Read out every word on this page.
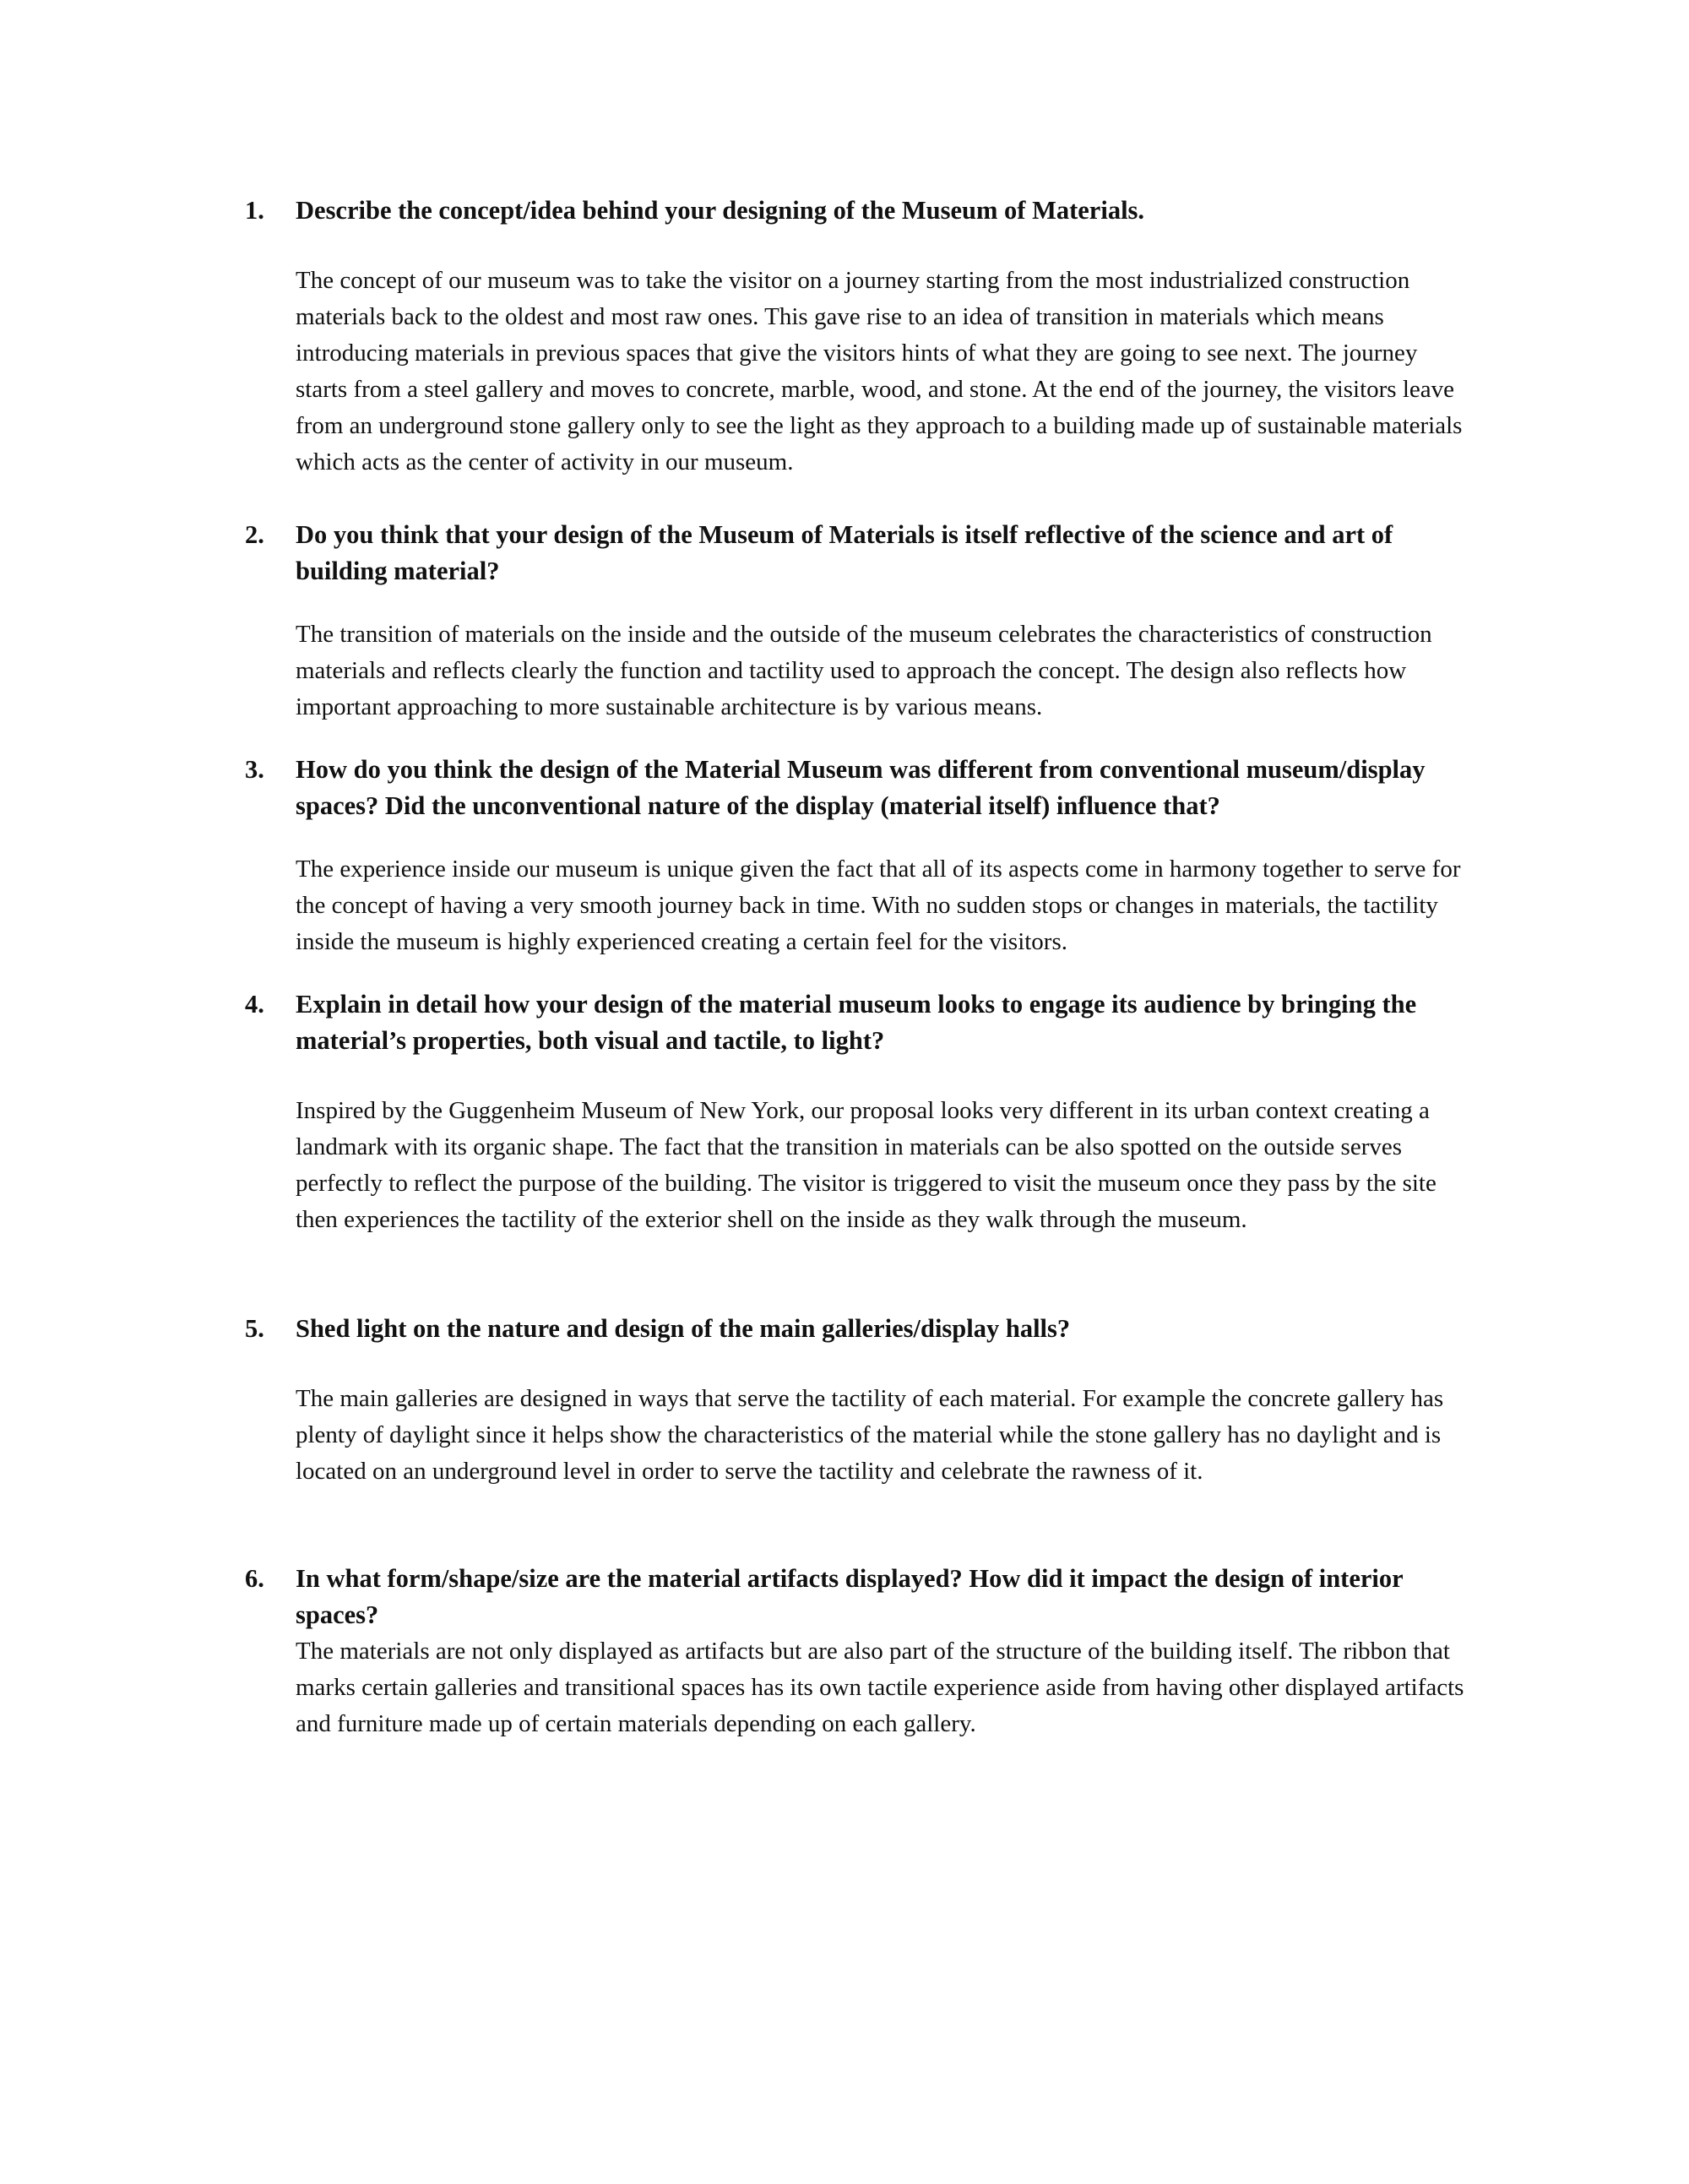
1. Describe the concept/idea behind your designing of the Museum of Materials.

The concept of our museum was to take the visitor on a journey starting from the most industrialized construction materials back to the oldest and most raw ones. This gave rise to an idea of transition in materials which means introducing materials in previous spaces that give the visitors hints of what they are going to see next. The journey starts from a steel gallery and moves to concrete, marble, wood, and stone. At the end of the journey, the visitors leave from an underground stone gallery only to see the light as they approach to a building made up of sustainable materials which acts as the center of activity in our museum.

2. Do you think that your design of the Museum of Materials is itself reflective of the science and art of building material?

The transition of materials on the inside and the outside of the museum celebrates the characteristics of construction materials and reflects clearly the function and tactility used to approach the concept. The design also reflects how important approaching to more sustainable architecture is by various means.

3. How do you think the design of the Material Museum was different from conventional museum/display spaces? Did the unconventional nature of the display (material itself) influence that?

The experience inside our museum is unique given the fact that all of its aspects come in harmony together to serve for the concept of having a very smooth journey back in time. With no sudden stops or changes in materials, the tactility inside the museum is highly experienced creating a certain feel for the visitors.

4. Explain in detail how your design of the material museum looks to engage its audience by bringing the material’s properties, both visual and tactile, to light?

Inspired by the Guggenheim Museum of New York, our proposal looks very different in its urban context creating a landmark with its organic shape. The fact that the transition in materials can be also spotted on the outside serves perfectly to reflect the purpose of the building. The visitor is triggered to visit the museum once they pass by the site then experiences the tactility of the exterior shell on the inside as they walk through the museum.

5. Shed light on the nature and design of the main galleries/display halls?

The main galleries are designed in ways that serve the tactility of each material. For example the concrete gallery has plenty of daylight since it helps show the characteristics of the material while the stone gallery has no daylight and is located on an underground level in order to serve the tactility and celebrate the rawness of it.

6. In what form/shape/size are the material artifacts displayed? How did it impact the design of interior spaces?

The materials are not only displayed as artifacts but are also part of the structure of the building itself. The ribbon that marks certain galleries and transitional spaces has its own tactile experience aside from having other displayed artifacts and furniture made up of certain materials depending on each gallery.
